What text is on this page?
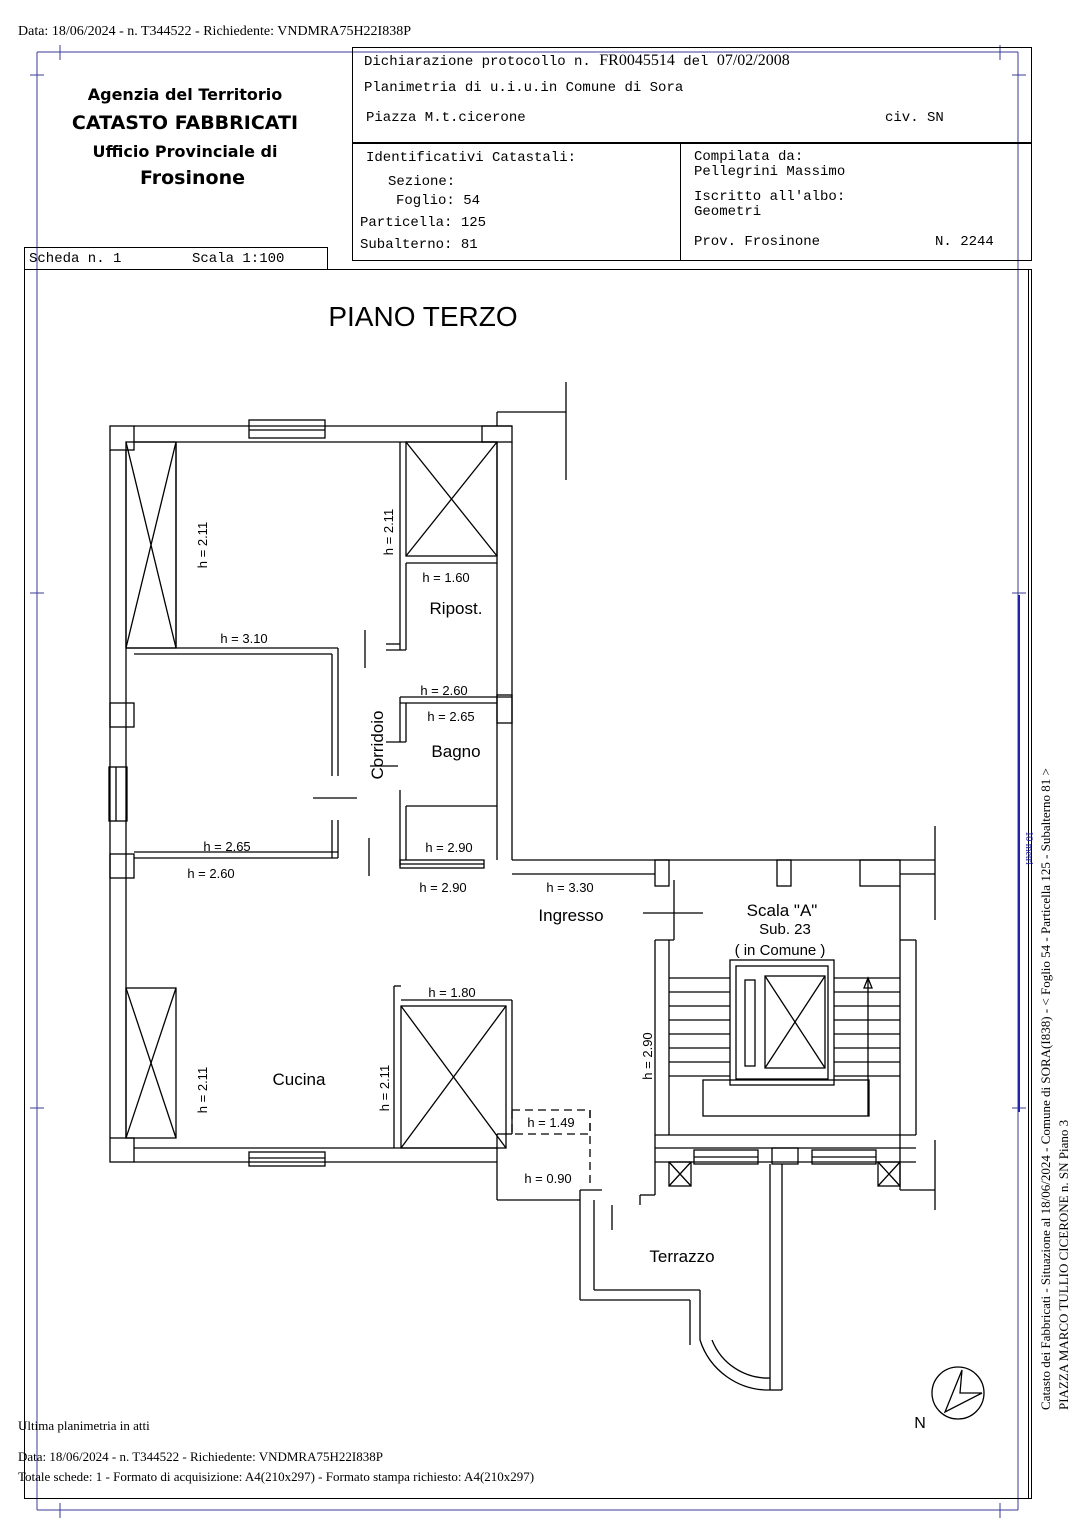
Data: 18/06/2024 - n. T344522 - Richiedente: VNDMRA75H22I838P
Agenzia del Territorio
CATASTO FABBRICATI
Ufficio Provinciale di
Frosinone
Scheda n. 1	Scala 1:100
Dichiarazione protocollo n. FR0045514 del 07/02/2008
Planimetria di u.i.u.in Comune di Sora
Piazza M.t.cicerone	civ. SN
Identificativi Catastali:
Sezione:
Foglio: 54
Particella: 125
Subalterno: 81
Compilata da:
Pellegrini Massimo
Iscritto all'albo:
Geometri
Prov. Frosinone	N. 2244
PIANO TERZO
Ripost.
Bagno
Corridoio
Ingresso
Cucina
Terrazzo
Scala "A"
Sub. 23
( in Comune )
h = 2.11	h = 2.11
h = 1.60
h = 3.10
h = 2.60
h = 2.65
h = 2.65
h = 2.60
h = 2.90
h = 2.90	h = 3.30
h = 1.80
h = 2.11	h = 2.11
h = 1.49
h = 0.90
h = 2.90
N
10 metri Catasto dei Fabbricati - Situazione al 18/06/2024 - Comune di SORA(I838) - < Foglio 54 - Particella 125 - Subalterno 81 > PIAZZA MARCO TULLIO CICERONE n. SN Piano 3
Ultima planimetria in atti
Data: 18/06/2024 - n. T344522 - Richiedente: VNDMRA75H22I838P
Totale schede: 1 - Formato di acquisizione: A4(210x297) - Formato stampa richiesto: A4(210x297)
